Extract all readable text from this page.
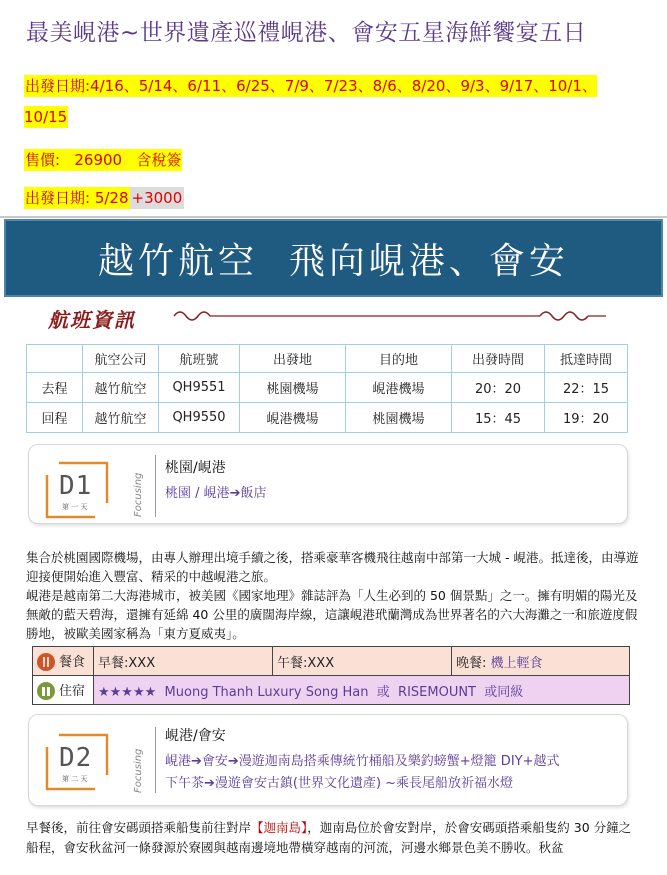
最美峴港~世界遺產巡禮峴港、會安五星海鮮饗宴五日
出發日期:4/16、5/14、6/11、6/25、7/9、7/23、8/6、8/20、9/3、9/17、10/1、10/15
售價:   26900   含稅簽
出發日期: 5/28 +3000
越竹航空  飛向峴港、會安
航班資訊
	航空公司	航班號	出發地	目的地	出發時間	抵達時間
去程	越竹航空	QH9551	桃園機場	峴港機場	20：20	22：15
回程	越竹航空	QH9550	峴港機場	桃園機場	15：45	19：20
D1
第 一 天	Focusing
桃園/峴港
桃園 / 峴港➔飯店
集合於桃園國際機場，由專人辦理出境手續之後，搭乘豪華客機飛往越南中部第一大城 - 峴港。抵達後，由導遊迎接便開始進入豐富、精采的中越峴港之旅。
峴港是越南第二大海港城市，被美國《國家地理》雜誌評為「人生必到的 50 個景點」之一。擁有明媚的陽光及無敵的藍天碧海，還擁有延綿 40 公里的廣闊海岸線，這讓峴港玳蘭灣成為世界著名的六大海灘之一和旅遊度假勝地，被歐美國家稱為「東方夏威夷」。
餐食	早餐:XXX	午餐:XXX	晚餐: 機上輕食
住宿	★★★★★ Muong Thanh Luxury Song Han  或  RISEMOUNT  或同級		
D2
第 二 天	Focusing
峴港/會安
峴港➔會安➔漫遊迦南島搭乘傳統竹桶船及樂釣螃蟹+燈籠 DIY+越式
下午茶➔漫遊會安古鎮(世界文化遺產) ~乘長尾船放祈福水燈
早餐後，前往會安碼頭搭乘船隻前往對岸【迦南島】，迦南島位於會安對岸，於會安碼頭搭乘船隻約 30 分鐘之船程，會安秋盆河一條發源於寮國與越南邊境地帶橫穿越南的河流，河邊水鄉景色美不勝收。秋盆
